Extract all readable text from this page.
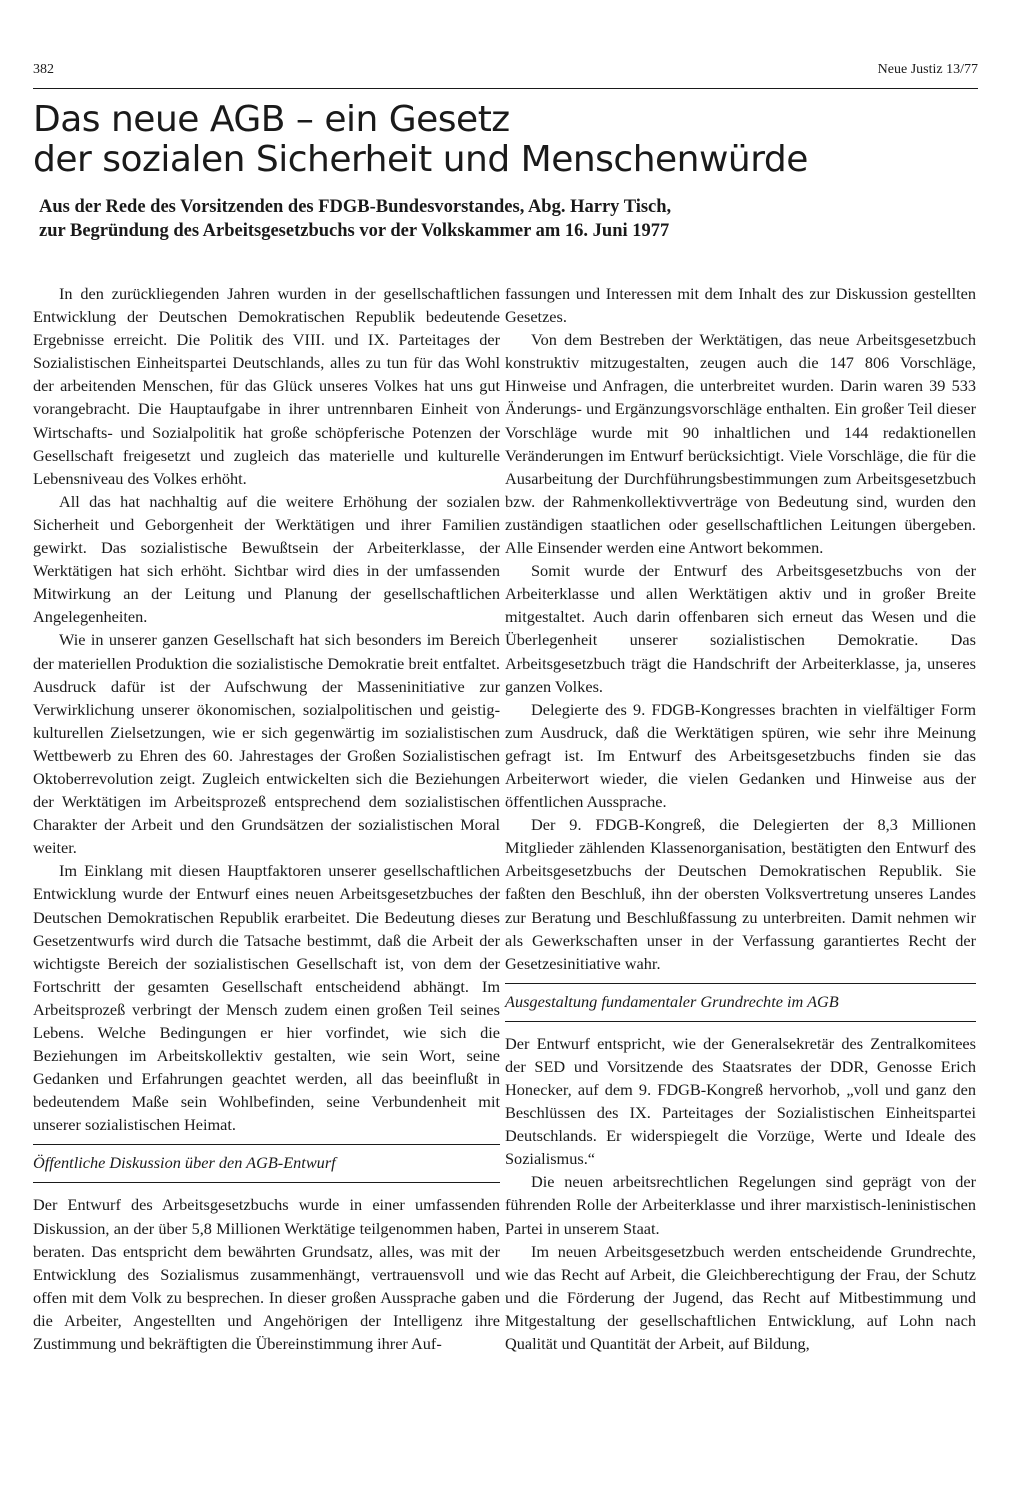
382	Neue Justiz 13/77
Das neue AGB – ein Gesetz
der sozialen Sicherheit und Menschenwürde
Aus der Rede des Vorsitzenden des FDGB-Bundesvorstandes, Abg. Harry Tisch,
zur Begründung des Arbeitsgesetzbuchs vor der Volkskammer am 16. Juni 1977

In den zurückliegenden Jahren wurden in der gesellschaftlichen Entwicklung der Deutschen Demokratischen Republik bedeutende Ergebnisse erreicht. Die Politik des VIII. und IX. Parteitages der Sozialistischen Einheitspartei Deutschlands, alles zu tun für das Wohl der arbeitenden Menschen, für das Glück unseres Volkes hat uns gut vorangebracht. Die Hauptaufgabe in ihrer untrennbaren Einheit von Wirtschafts- und Sozialpolitik hat große schöpferische Potenzen der Gesellschaft freigesetzt und zugleich das materielle und kulturelle Lebensniveau des Volkes erhöht.

All das hat nachhaltig auf die weitere Erhöhung der sozialen Sicherheit und Geborgenheit der Werktätigen und ihrer Familien gewirkt. Das sozialistische Bewußtsein der Arbeiterklasse, der Werktätigen hat sich erhöht. Sichtbar wird dies in der umfassenden Mitwirkung an der Leitung und Planung der gesellschaftlichen Angelegenheiten.

Wie in unserer ganzen Gesellschaft hat sich besonders im Bereich der materiellen Produktion die sozialistische Demokratie breit entfaltet. Ausdruck dafür ist der Aufschwung der Masseninitiative zur Verwirklichung unserer ökonomischen, sozialpolitischen und geistig-kulturellen Zielsetzungen, wie er sich gegenwärtig im sozialistischen Wettbewerb zu Ehren des 60. Jahrestages der Großen Sozialistischen Oktoberrevolution zeigt. Zugleich entwickelten sich die Beziehungen der Werktätigen im Arbeitsprozeß entsprechend dem sozialistischen Charakter der Arbeit und den Grundsätzen der sozialistischen Moral weiter.

Im Einklang mit diesen Hauptfaktoren unserer gesellschaftlichen Entwicklung wurde der Entwurf eines neuen Arbeitsgesetzbuches der Deutschen Demokratischen Republik erarbeitet. Die Bedeutung dieses Gesetzentwurfs wird durch die Tatsache bestimmt, daß die Arbeit der wichtigste Bereich der sozialistischen Gesellschaft ist, von dem der Fortschritt der gesamten Gesellschaft entscheidend abhängt. Im Arbeitsprozeß verbringt der Mensch zudem einen großen Teil seines Lebens. Welche Bedingungen er hier vorfindet, wie sich die Beziehungen im Arbeitskollektiv gestalten, wie sein Wort, seine Gedanken und Erfahrungen geachtet werden, all das beeinflußt in bedeutendem Maße sein Wohlbefinden, seine Verbundenheit mit unserer sozialistischen Heimat.

Öffentliche Diskussion über den AGB-Entwurf

Der Entwurf des Arbeitsgesetzbuchs wurde in einer umfassenden Diskussion, an der über 5,8 Millionen Werktätige teilgenommen haben, beraten. Das entspricht dem bewährten Grundsatz, alles, was mit der Entwicklung des Sozialismus zusammenhängt, vertrauensvoll und offen mit dem Volk zu besprechen. In dieser großen Aussprache gaben die Arbeiter, Angestellten und Angehörigen der Intelligenz ihre Zustimmung und bekräftigten die Übereinstimmung ihrer Auf-

fassungen und Interessen mit dem Inhalt des zur Diskussion gestellten Gesetzes.

Von dem Bestreben der Werktätigen, das neue Arbeitsgesetzbuch konstruktiv mitzugestalten, zeugen auch die 147 806 Vorschläge, Hinweise und Anfragen, die unterbreitet wurden. Darin waren 39 533 Änderungs- und Ergänzungsvorschläge enthalten. Ein großer Teil dieser Vorschläge wurde mit 90 inhaltlichen und 144 redaktionellen Veränderungen im Entwurf berücksichtigt. Viele Vorschläge, die für die Ausarbeitung der Durchführungsbestimmungen zum Arbeitsgesetzbuch bzw. der Rahmenkollektivverträge von Bedeutung sind, wurden den zuständigen staatlichen oder gesellschaftlichen Leitungen übergeben. Alle Einsender werden eine Antwort bekommen.

Somit wurde der Entwurf des Arbeitsgesetzbuchs von der Arbeiterklasse und allen Werktätigen aktiv und in großer Breite mitgestaltet. Auch darin offenbaren sich erneut das Wesen und die Überlegenheit unserer sozialistischen Demokratie. Das Arbeitsgesetzbuch trägt die Handschrift der Arbeiterklasse, ja, unseres ganzen Volkes.

Delegierte des 9. FDGB-Kongresses brachten in vielfältiger Form zum Ausdruck, daß die Werktätigen spüren, wie sehr ihre Meinung gefragt ist. Im Entwurf des Arbeitsgesetzbuchs finden sie das Arbeiterwort wieder, die vielen Gedanken und Hinweise aus der öffentlichen Aussprache.

Der 9. FDGB-Kongreß, die Delegierten der 8,3 Millionen Mitglieder zählenden Klassenorganisation, bestätigten den Entwurf des Arbeitsgesetzbuchs der Deutschen Demokratischen Republik. Sie faßten den Beschluß, ihn der obersten Volksvertretung unseres Landes zur Beratung und Beschlußfassung zu unterbreiten. Damit nehmen wir als Gewerkschaften unser in der Verfassung garantiertes Recht der Gesetzesinitiative wahr.

Ausgestaltung fundamentaler Grundrechte im AGB

Der Entwurf entspricht, wie der Generalsekretär des Zentralkomitees der SED und Vorsitzende des Staatsrates der DDR, Genosse Erich Honecker, auf dem 9. FDGB-Kongreß hervorhob, „voll und ganz den Beschlüssen des IX. Parteitages der Sozialistischen Einheitspartei Deutschlands. Er widerspiegelt die Vorzüge, Werte und Ideale des Sozialismus.“

Die neuen arbeitsrechtlichen Regelungen sind geprägt von der führenden Rolle der Arbeiterklasse und ihrer marxistisch-leninistischen Partei in unserem Staat.

Im neuen Arbeitsgesetzbuch werden entscheidende Grundrechte, wie das Recht auf Arbeit, die Gleichberechtigung der Frau, der Schutz und die Förderung der Jugend, das Recht auf Mitbestimmung und Mitgestaltung der gesellschaftlichen Entwicklung, auf Lohn nach Qualität und Quantität der Arbeit, auf Bildung,
